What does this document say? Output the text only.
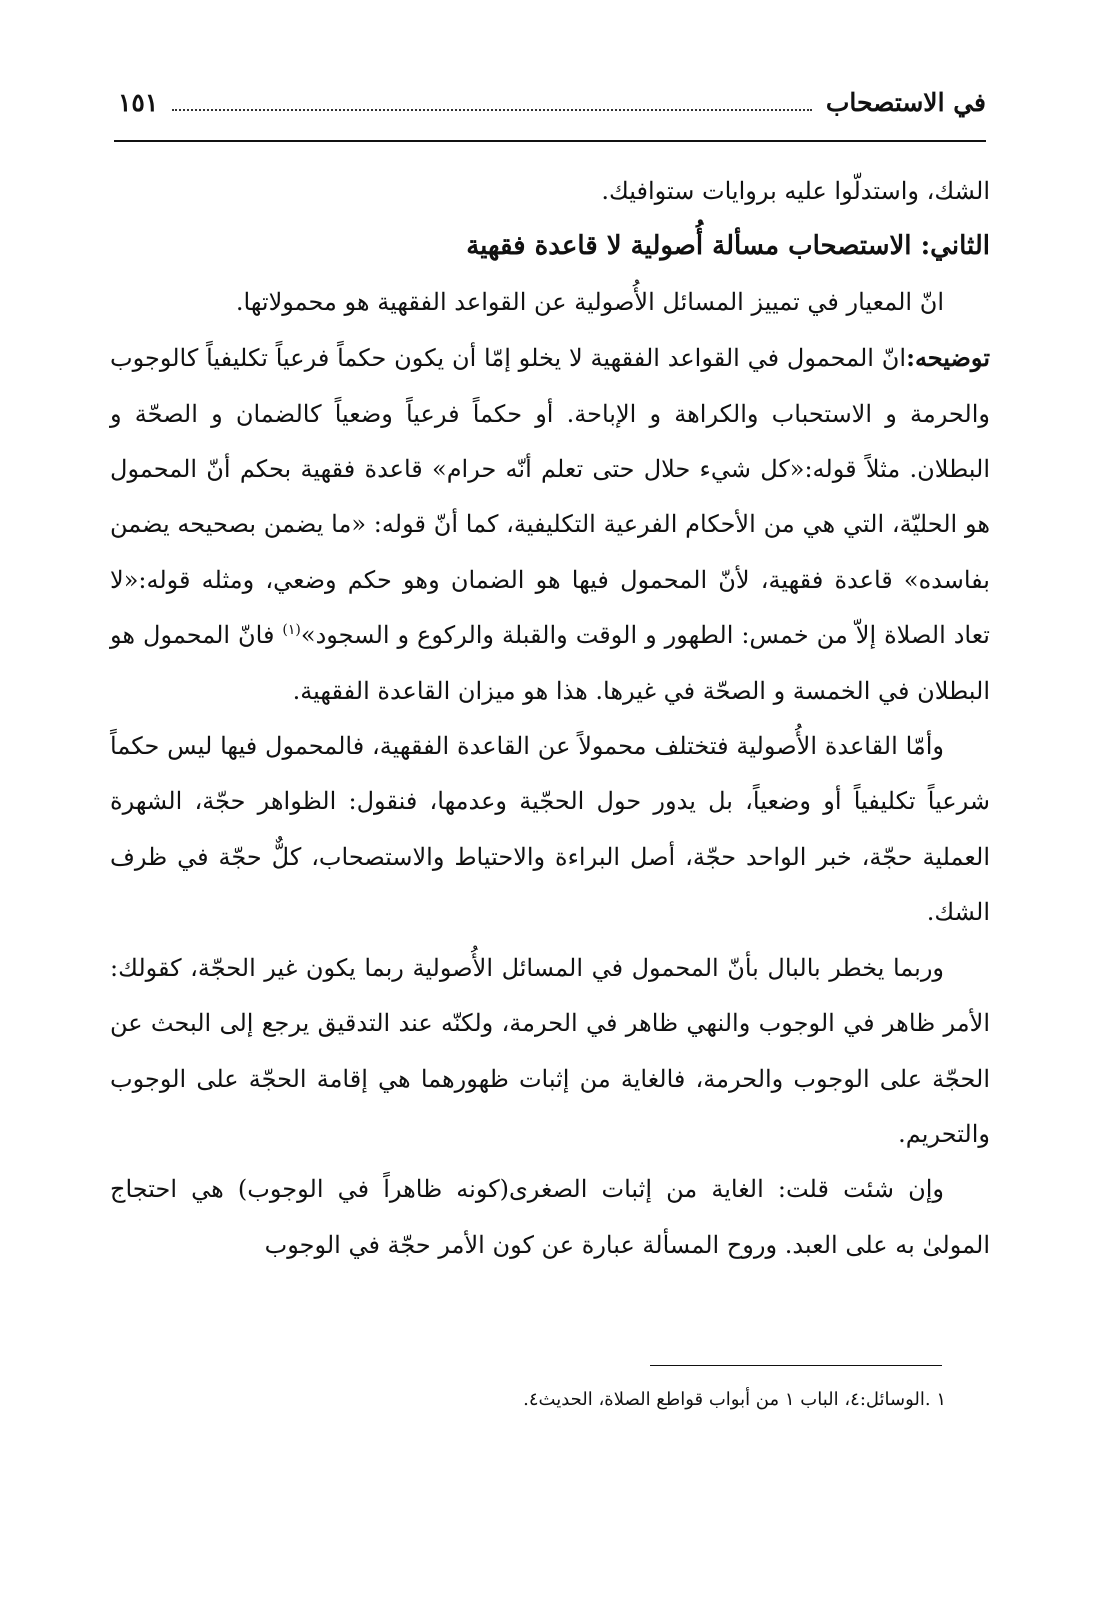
في الاستصحاب
١٥١

الشك، واستدلّوا عليه بروايات ستوافيك.

الثاني: الاستصحاب مسألة أُصولية لا قاعدة فقهية

انّ المعيار في تمييز المسائل الأُصولية عن القواعد الفقهية هو محمولاتها.

توضيحه:انّ المحمول في القواعد الفقهية لا يخلو إمّا أن يكون حكماً فرعياً تكليفياً كالوجوب والحرمة و الاستحباب والكراهة و الإباحة. أو حكماً فرعياً وضعياً كالضمان و الصحّة و البطلان. مثلاً قوله:«كل شيء حلال حتى تعلم أنّه حرام» قاعدة فقهية بحكم أنّ المحمول هو الحليّة، التي هي من الأحكام الفرعية التكليفية، كما أنّ قوله: «ما يضمن بصحيحه يضمن بفاسده» قاعدة فقهية، لأنّ المحمول فيها هو الضمان وهو حكم وضعي، ومثله قوله:«لا تعاد الصلاة إلاّ من خمس: الطهور و الوقت والقبلة والركوع و السجود»$^{(١)}$ فانّ المحمول هو البطلان في الخمسة و الصحّة في غيرها. هذا هو ميزان القاعدة الفقهية.

وأمّا القاعدة الأُصولية فتختلف محمولاً عن القاعدة الفقهية، فالمحمول فيها ليس حكماً شرعياً تكليفياً أو وضعياً، بل يدور حول الحجّية وعدمها، فنقول: الظواهر حجّة، الشهرة العملية حجّة، خبر الواحد حجّة، أصل البراءة والاحتياط والاستصحاب، كلٌّ حجّة في ظرف الشك.

وربما يخطر بالبال بأنّ المحمول في المسائل الأُصولية ربما يكون غير الحجّة، كقولك: الأمر ظاهر في الوجوب والنهي ظاهر في الحرمة، ولكنّه عند التدقيق يرجع إلى البحث عن الحجّة على الوجوب والحرمة، فالغاية من إثبات ظهورهما هي إقامة الحجّة على الوجوب والتحريم.

وإن شئت قلت: الغاية من إثبات الصغرى(كونه ظاهراً في الوجوب) هي احتجاج المولىٰ به على العبد. وروح المسألة عبارة عن كون الأمر حجّة في الوجوب

١ .الوسائل:٤، الباب ١ من أبواب قواطع الصلاة، الحديث٤.
